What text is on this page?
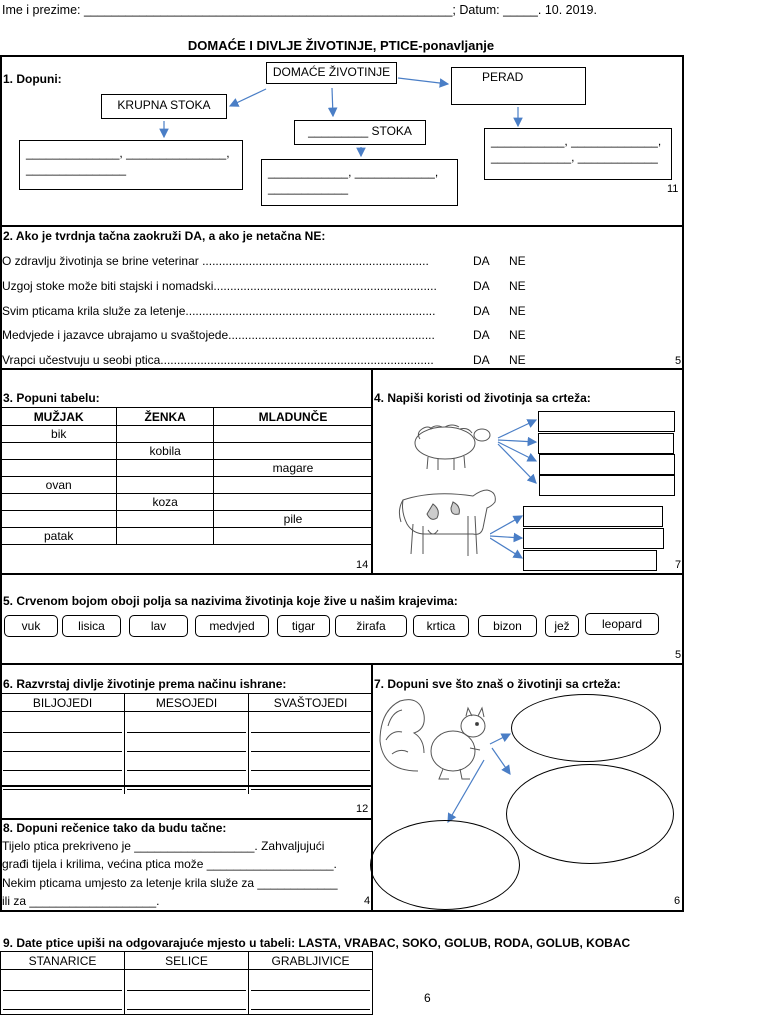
Ime i prezime: _____________________________________________________; Datum: _____. 10. 2019.
DOMAĆE I DIVLJE ŽIVOTINJE, PTICE-ponavljanje
1. Dopuni:	DOMAĆE ŽIVOTINJE
KRUPNA STOKA
_________ STOKA
PERAD
______________, _______________,
_______________	____________, ____________,
____________
___________, _____________,
____________, ____________
11
2. Ako je tvrdnja tačna zaokruži DA, a ako je netačna NE:
O zdravlju životinja se brine veterinar ....................................................................	DA NE
Uzgoj stoke može biti stajski i nomadski...................................................................	DA NE
Svim pticama krila služe za letenje...........................................................................	DA NE
Medvjede i jazavce ubrajamo u svaštojede..............................................................	DA NE
Vrapci učestvuju u seobi ptica..................................................................................	DA NE	5
3. Popuni tabelu:
MUŽJAK	ŽENKA	MLADUNČE
bik		
	kobila	
		magare
ovan		
	koza	
		pile
patak		
14
4. Napiši koristi od životinja sa crteža:
7
5. Crvenom bojom oboji polja sa nazivima životinja koje žive u našim krajevima:
vuk	lisica	lav	medvjed	tigar	žirafa	krtica	bizon	jež	leopard
5
6. Razvrstaj divlje životinje prema načinu ishrane:
BILJOJEDI	MESOJEDI	SVAŠTOJEDI

12
8. Dopuni rečenice tako da budu tačne:
Tijelo ptica prekriveno je __________________. Zahvaljujući
građi tijela i krilima, većina ptica može ___________________.
Nekim pticama umjesto za letenje krila služe za ____________
ili za ___________________.	4
7. Dopuni sve što znaš o životinji sa crteža:
6
9. Date ptice upiši na odgovarajuće mjesto u tabeli: LASTA, VRABAC, SOKO, GOLUB, RODA, GOLUB, KOBAC
STANARICE	SELICE	GRABLJIVICE

6
